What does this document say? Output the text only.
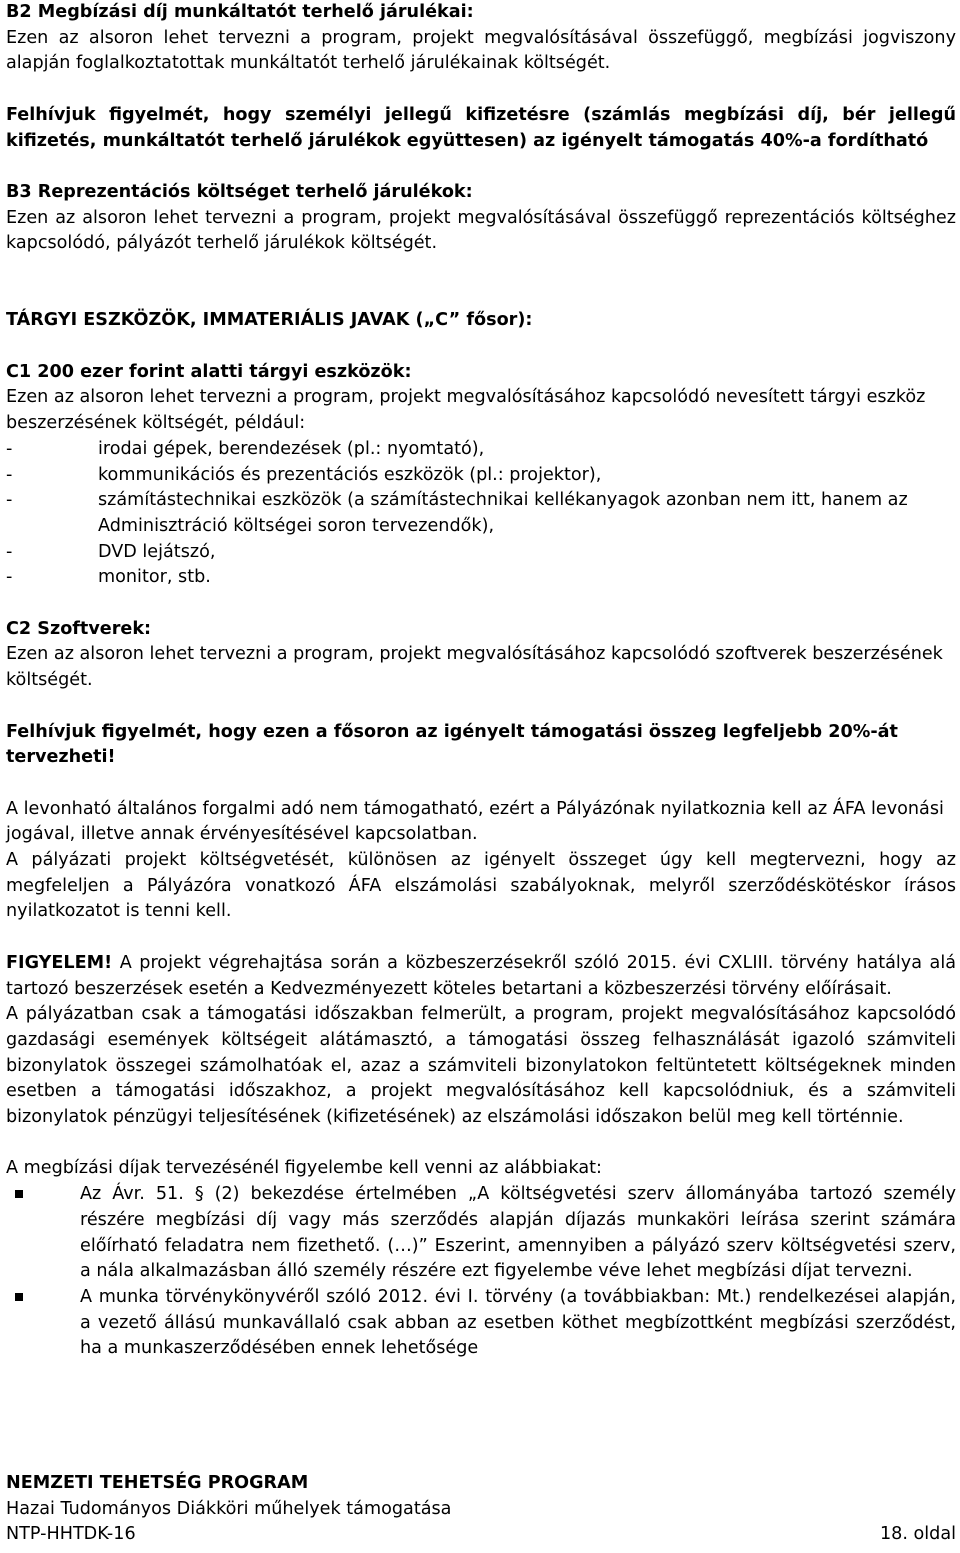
B2 Megbízási díj munkáltatót terhelő járulékai:

Ezen az alsoron lehet tervezni a program, projekt megvalósításával összefüggő, megbízási jogviszony alapján foglalkoztatottak munkáltatót terhelő járulékainak költségét.

Felhívjuk figyelmét, hogy személyi jellegű kifizetésre (számlás megbízási díj, bér jellegű kifizetés, munkáltatót terhelő járulékok együttesen) az igényelt támogatás 40%-a fordítható

B3 Reprezentációs költséget terhelő járulékok:

Ezen az alsoron lehet tervezni a program, projekt megvalósításával összefüggő reprezentációs költséghez kapcsolódó, pályázót terhelő járulékok költségét.

TÁRGYI ESZKÖZÖK, IMMATERIÁLIS JAVAK („C” fősor):

C1 200 ezer forint alatti tárgyi eszközök:

Ezen az alsoron lehet tervezni a program, projekt megvalósításához kapcsolódó nevesített tárgyi eszköz beszerzésének költségét, például:

-	irodai gépek, berendezések (pl.: nyomtató),

-	kommunikációs és prezentációs eszközök (pl.: projektor),

-	számítástechnikai eszközök (a számítástechnikai kellékanyagok azonban nem itt, hanem az Adminisztráció költségei soron tervezendők),

-	DVD lejátszó,

-	monitor, stb.

C2 Szoftverek:

Ezen az alsoron lehet tervezni a program, projekt megvalósításához kapcsolódó szoftverek beszerzésének költségét.

Felhívjuk figyelmét, hogy ezen a fősoron az igényelt támogatási összeg legfeljebb 20%-át tervezheti!

A levonható általános forgalmi adó nem támogatható, ezért a Pályázónak nyilatkoznia kell az ÁFA levonási jogával, illetve annak érvényesítésével kapcsolatban.

A pályázati projekt költségvetését, különösen az igényelt összeget úgy kell megtervezni, hogy az megfeleljen a Pályázóra vonatkozó ÁFA elszámolási szabályoknak, melyről szerződéskötéskor írásos nyilatkozatot is tenni kell.

FIGYELEM! A projekt végrehajtása során a közbeszerzésekről szóló 2015. évi CXLIII. törvény hatálya alá tartozó beszerzések esetén a Kedvezményezett köteles betartani a közbeszerzési törvény előírásait.

A pályázatban csak a támogatási időszakban felmerült, a program, projekt megvalósításához kapcsolódó gazdasági események költségeit alátámasztó, a támogatási összeg felhasználását igazoló számviteli bizonylatok összegei számolhatóak el, azaz a számviteli bizonylatokon feltüntetett költségeknek minden esetben a támogatási időszakhoz, a projekt megvalósításához kell kapcsolódniuk, és a számviteli bizonylatok pénzügyi teljesítésének (kifizetésének) az elszámolási időszakon belül meg kell történnie.

A megbízási díjak tervezésénél figyelembe kell venni az alábbiakat:

Az Ávr. 51. § (2) bekezdése értelmében „A költségvetési szerv állományába tartozó személy részére megbízási díj vagy más szerződés alapján díjazás munkaköri leírása szerint számára előírható feladatra nem fizethető. (…)” Eszerint, amennyiben a pályázó szerv költségvetési szerv, a nála alkalmazásban álló személy részére ezt figyelembe véve lehet megbízási díjat tervezni.

A munka törvénykönyvéről szóló 2012. évi I. törvény (a továbbiakban: Mt.) rendelkezései alapján, a vezető állású munkavállaló csak abban az esetben köthet megbízottként megbízási szerződést, ha a munkaszerződésében ennek lehetősége

NEMZETI TEHETSÉG PROGRAM

Hazai Tudományos Diákköri műhelyek támogatása

NTP-HHTDK-16	18. oldal
